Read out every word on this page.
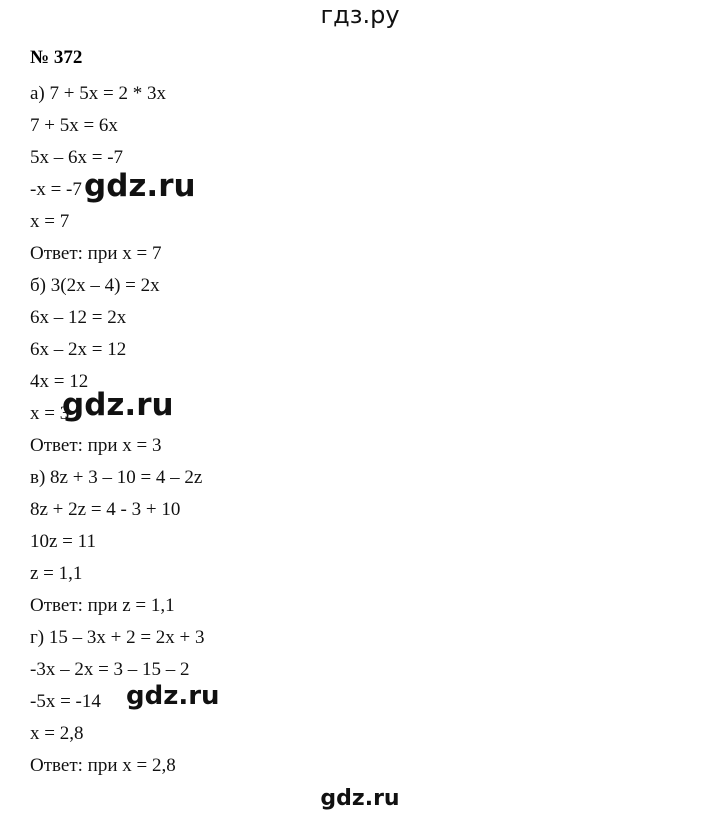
гдз.ру
№ 372
а) 7 + 5x = 2 * 3x
7 + 5x = 6x
5x – 6x = -7
-x = -7
x = 7
Ответ: при x = 7
б) 3(2x – 4) = 2x
6x – 12 = 2x
6x – 2x = 12
4x = 12
x = 3
Ответ: при x = 3
в) 8z + 3 – 10 = 4 – 2z
8z + 2z = 4 - 3 + 10
10z = 11
z = 1,1
Ответ: при z = 1,1
г) 15 – 3x + 2 = 2x + 3
-3x – 2x = 3 – 15 – 2
-5x = -14
x = 2,8
Ответ: при x = 2,8
gdz.ru
gdz.ru
gdz.ru
gdz.ru
